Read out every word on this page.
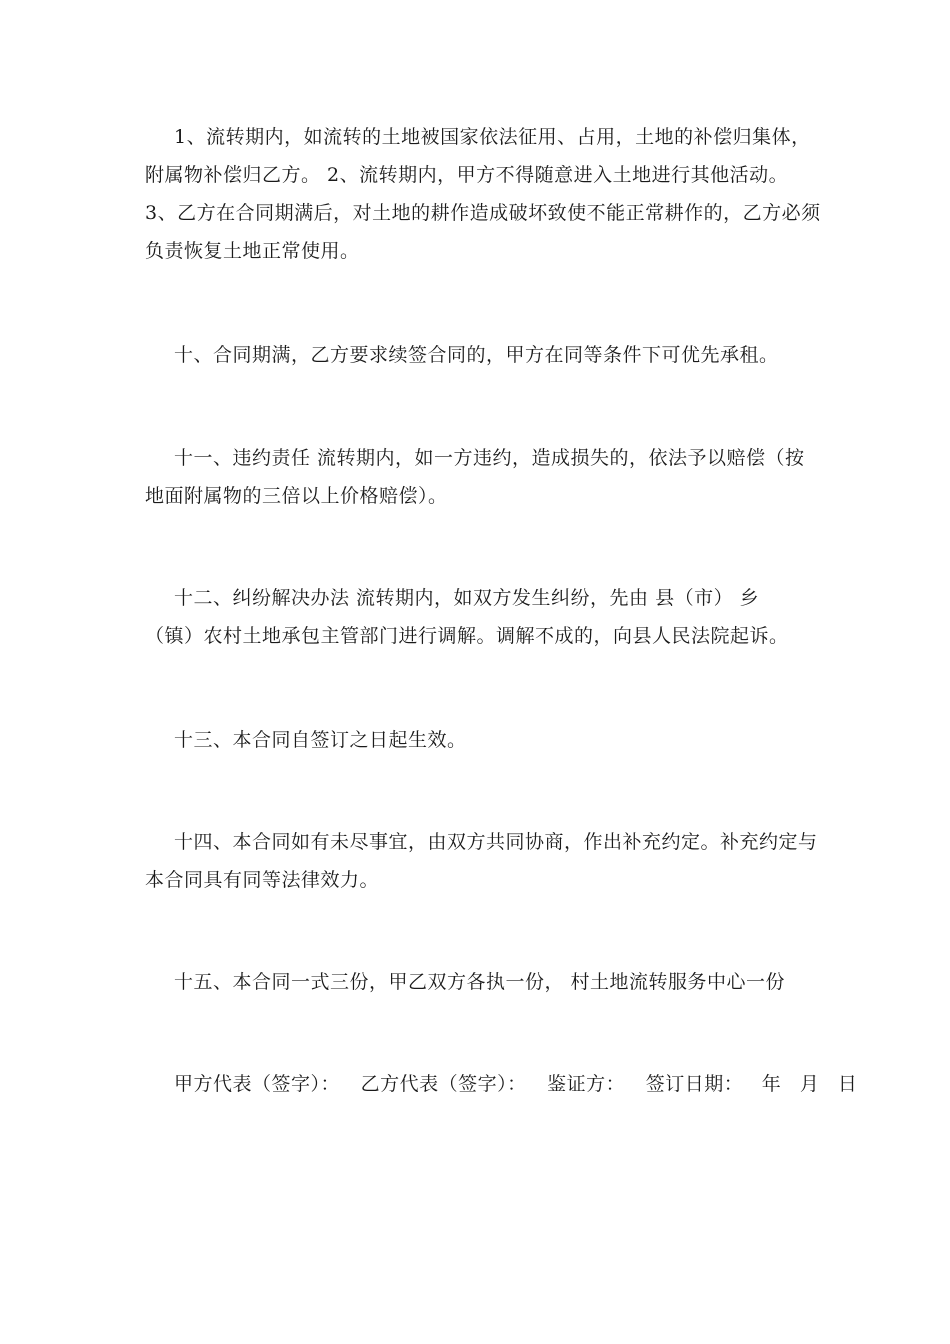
1、流转期内，如流转的土地被国家依法征用、占用，土地的补偿归集体，
附属物补偿归乙方。 2、流转期内，甲方不得随意进入土地进行其他活动。
3、乙方在合同期满后，对土地的耕作造成破坏致使不能正常耕作的，乙方必须
负责恢复土地正常使用。
十、合同期满，乙方要求续签合同的，甲方在同等条件下可优先承租。
十一、违约责任 流转期内，如一方违约，造成损失的，依法予以赔偿（按
地面附属物的三倍以上价格赔偿）。
十二、纠纷解决办法 流转期内，如双方发生纠纷，先由 县（市） 乡
（镇）农村土地承包主管部门进行调解。调解不成的，向县人民法院起诉。
十三、本合同自签订之日起生效。
十四、本合同如有未尽事宜，由双方共同协商，作出补充约定。补充约定与
本合同具有同等法律效力。
十五、本合同一式三份，甲乙双方各执一份， 村土地流转服务中心一份
甲方代表（签字）： 乙方代表（签字）： 鉴证方： 签订日期： 年 月 日
